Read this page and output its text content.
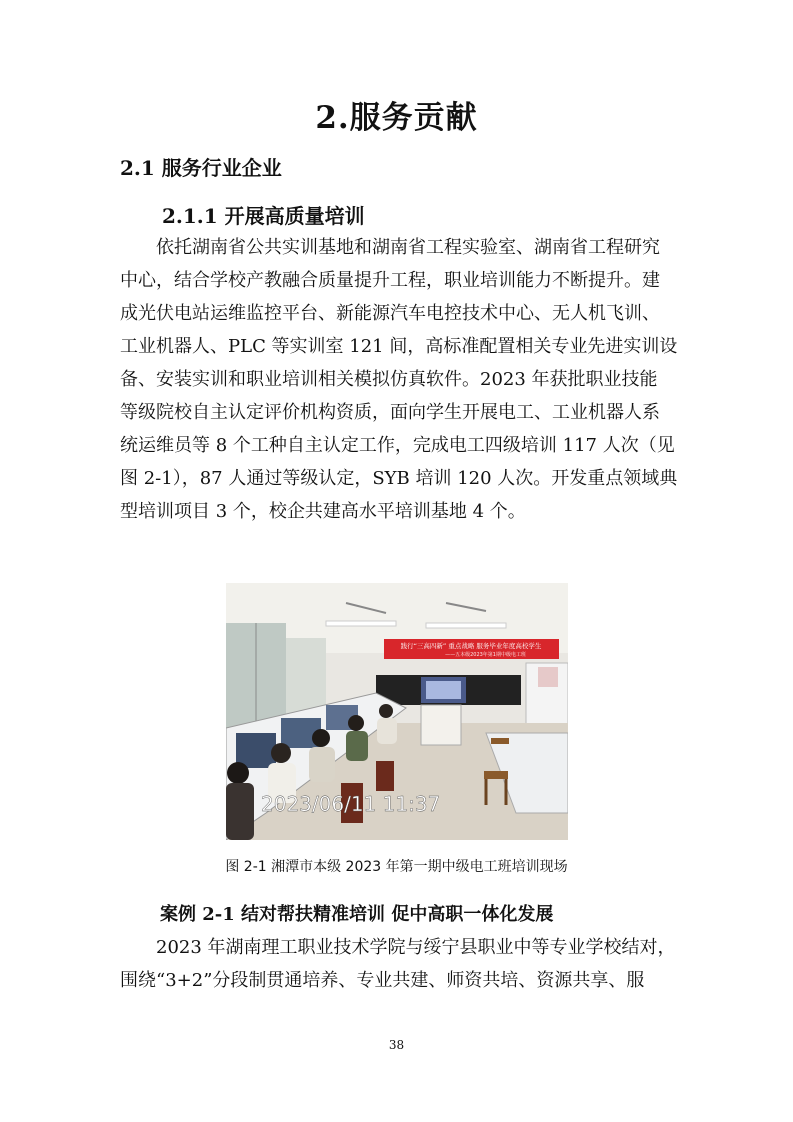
2.服务贡献
2.1 服务行业企业
2.1.1 开展高质量培训
依托湖南省公共实训基地和湖南省工程实验室、湖南省工程研究
中心，结合学校产教融合质量提升工程，职业培训能力不断提升。建
成光伏电站运维监控平台、新能源汽车电控技术中心、无人机飞训、
工业机器人、PLC 等实训室 121 间，高标准配置相关专业先进实训设
备、安装实训和职业培训相关模拟仿真软件。2023 年获批职业技能
等级院校自主认定评价机构资质，面向学生开展电工、工业机器人系
统运维员等 8 个工种自主认定工作，完成电工四级培训 117 人次（见
图 2-1），87 人通过等级认定，SYB 培训 120 人次。开发重点领域典
型培训项目 3 个，校企共建高水平培训基地 4 个。
践行“三高四新” 重点战略 服务毕业年度高校学生
——五本级2023年第1期中级电工班
2023/06/11 11:37
图 2-1 湘潭市本级 2023 年第一期中级电工班培训现场
案例 2-1 结对帮扶精准培训 促中高职一体化发展
2023 年湖南理工职业技术学院与绥宁县职业中等专业学校结对，
围绕“3+2”分段制贯通培养、专业共建、师资共培、资源共享、服
38
